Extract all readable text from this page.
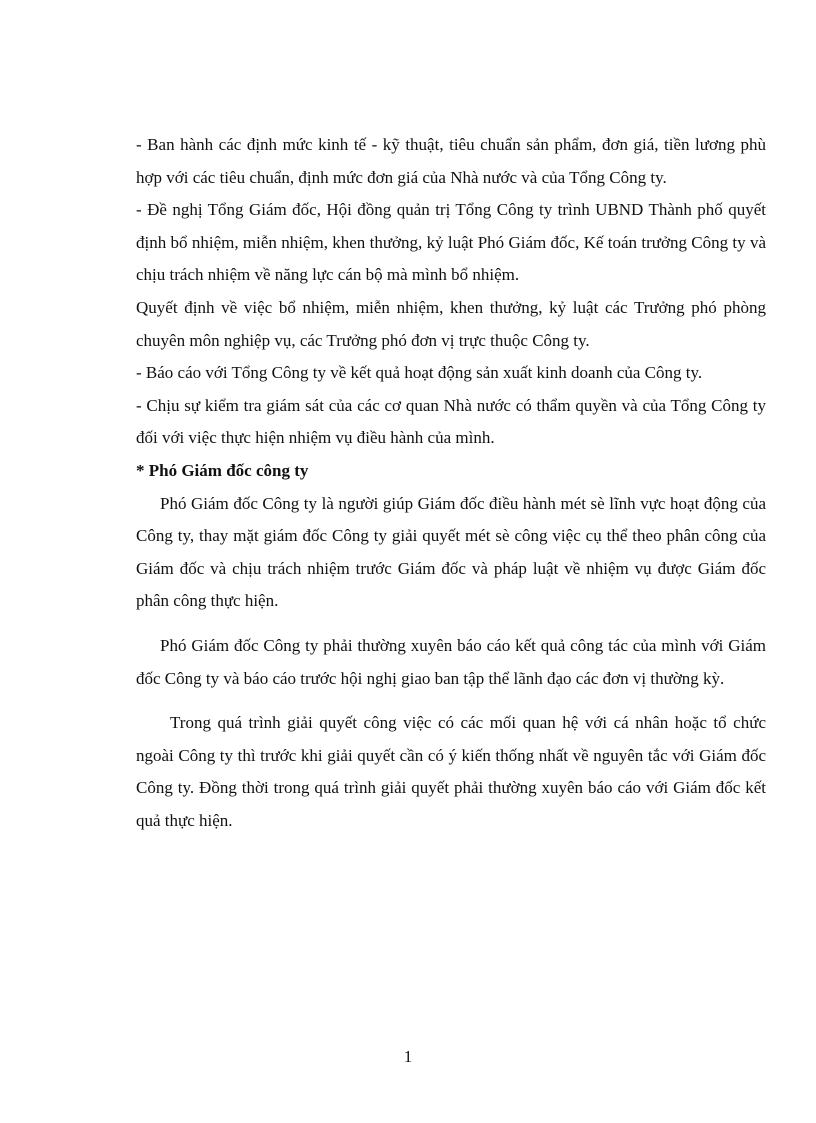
- Ban hành các định mức kinh tế - kỹ thuật, tiêu chuẩn sản phẩm, đơn giá, tiền lương phù hợp với các tiêu chuẩn, định mức đơn giá của Nhà nước và của Tổng Công ty.

- Đề nghị Tổng Giám đốc, Hội đồng quản trị Tổng Công ty trình UBND Thành phố quyết định bổ nhiệm, miễn nhiệm, khen thưởng, kỷ luật Phó Giám đốc, Kế toán trưởng Công ty và chịu trách nhiệm về năng lực cán bộ mà mình bổ nhiệm.

Quyết định về việc bổ nhiệm, miễn nhiệm, khen thưởng, kỷ luật các Trưởng phó phòng chuyên môn nghiệp vụ, các Trưởng phó đơn vị trực thuộc Công ty.

- Báo cáo với Tổng Công ty về kết quả hoạt động sản xuất kinh doanh của Công ty.

- Chịu sự kiểm tra giám sát của các cơ quan Nhà nước có thẩm quyền và của Tổng Công ty đối với việc thực hiện nhiệm vụ điều hành của mình.

* Phó Giám đốc công ty

Phó Giám đốc Công ty là người giúp Giám đốc điều hành mét sè lĩnh vực hoạt động của Công ty, thay mặt giám đốc Công ty giải quyết mét sè công việc cụ thể theo phân công của Giám đốc và chịu trách nhiệm trước Giám đốc và pháp luật về nhiệm vụ được Giám đốc phân công thực hiện.

Phó Giám đốc Công ty phải thường xuyên báo cáo kết quả công tác của mình với Giám đốc Công ty và báo cáo trước hội nghị giao ban tập thể lãnh đạo các đơn vị thường kỳ.

Trong quá trình giải quyết công việc có các mối quan hệ với cá nhân hoặc tổ chức ngoài Công ty thì trước khi giải quyết cần có ý kiến thống nhất về nguyên tắc với Giám đốc Công ty. Đồng thời trong quá trình giải quyết phải thường xuyên báo cáo với Giám đốc kết quả thực hiện.

1
